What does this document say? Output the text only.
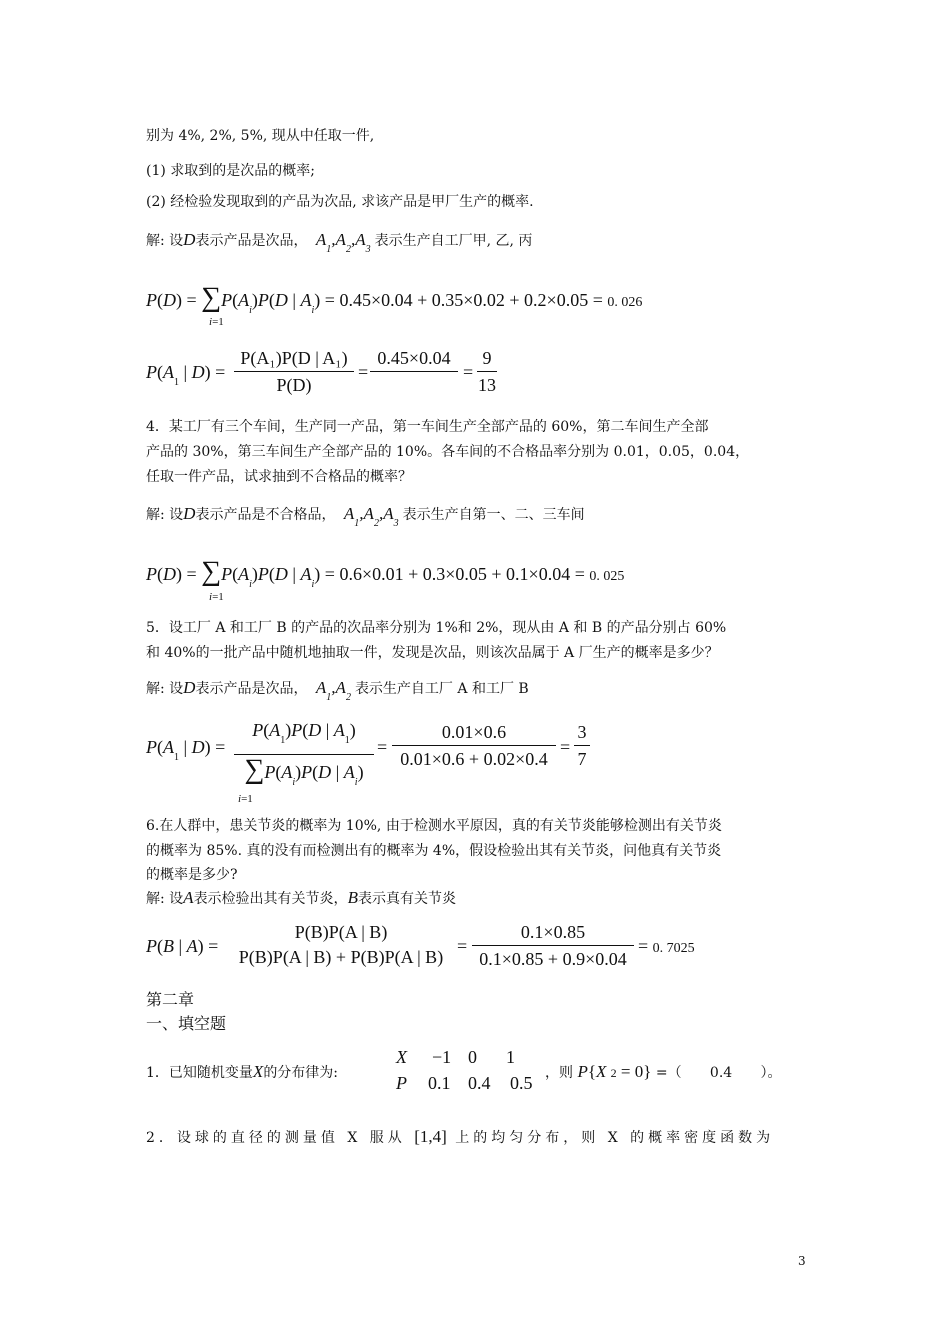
别为 4%, 2%, 5%, 现从中任取一件,
(1) 求取到的是次品的概率;
(2) 经检验发现取到的产品为次品, 求该产品是甲厂生产的概率.
解: 设D表示产品是次品， $A_1,A_2,A_3$表示生产自工厂甲, 乙, 丙
$P(D) = \sum P(A_i)P(D$ | $A_i) = 0.45\times 0.04 + 0.35\times 0.02 + 0.2\times 0.05 = 0$. 026
i=1
$P(A_1$ | D) =
P(A₁)P(D | A₁)
P(D)
=
0.45×0.04

=
9
13
4．某工厂有三个车间，生产同一产品，第一车间生产全部产品的 60%，第二车间生产全部
产品的 30%，第三车间生产全部产品的 10%。各车间的不合格品率分别为 0.01，0.05，0.04，
任取一件产品，试求抽到不合格品的概率？
解: 设D表示产品是不合格品， $A_1,A_2,A_3$表示生产自第一、二、三车间
$P(D) = \sum P(A_i)P(D$ | $A_i) = 0.6\times 0.01 + 0.3\times 0.05 + 0.1\times 0.04 = 0$. 025
i=1
5．设工厂 A 和工厂 B 的产品的次品率分别为 1%和 2%，现从由 A 和 B 的产品分别占 60%
和 40%的一批产品中随机地抽取一件，发现是次品，则该次品属于 A 厂生产的概率是多少？
解: 设D表示产品是次品， $A_1,A_2$表示生产自工厂 A 和工厂 B
$P(A_1$ | D) =
$P(A_1)P(D$ | $A_1$)
$\sum P(A_i)P(D$ | $A_i$)
i=1
=
0.01×0.6
0.01×0.6 + 0.02×0.4
=
3
7
6.在人群中，患关节炎的概率为 10%, 由于检测水平原因，真的有关节炎能够检测出有关节炎
的概率为 85%. 真的没有而检测出有的概率为 4%，假设检验出其有关节炎，问他真有关节炎
的概率是多少?
解: 设A表示检验出其有关节炎，B表示真有关节炎
P(B | A) =
P(B)P(A | B)
P(B)P(A | B) + P(B)P(A | B)
=
0.1×0.85
0.1×0.85 + 0.9×0.04
= 0. 7025
第二章
一、填空题
1．已知随机变量X的分布律为:
X	−1 0	1
P	0.1 0.4	0.5 ，则 P{X 2 = 0} =（ 0.4 ）。
2．设球的直径的测量值 X 服从 [1,4] 上的均匀分布，则 X 的概率密度函数为
3
